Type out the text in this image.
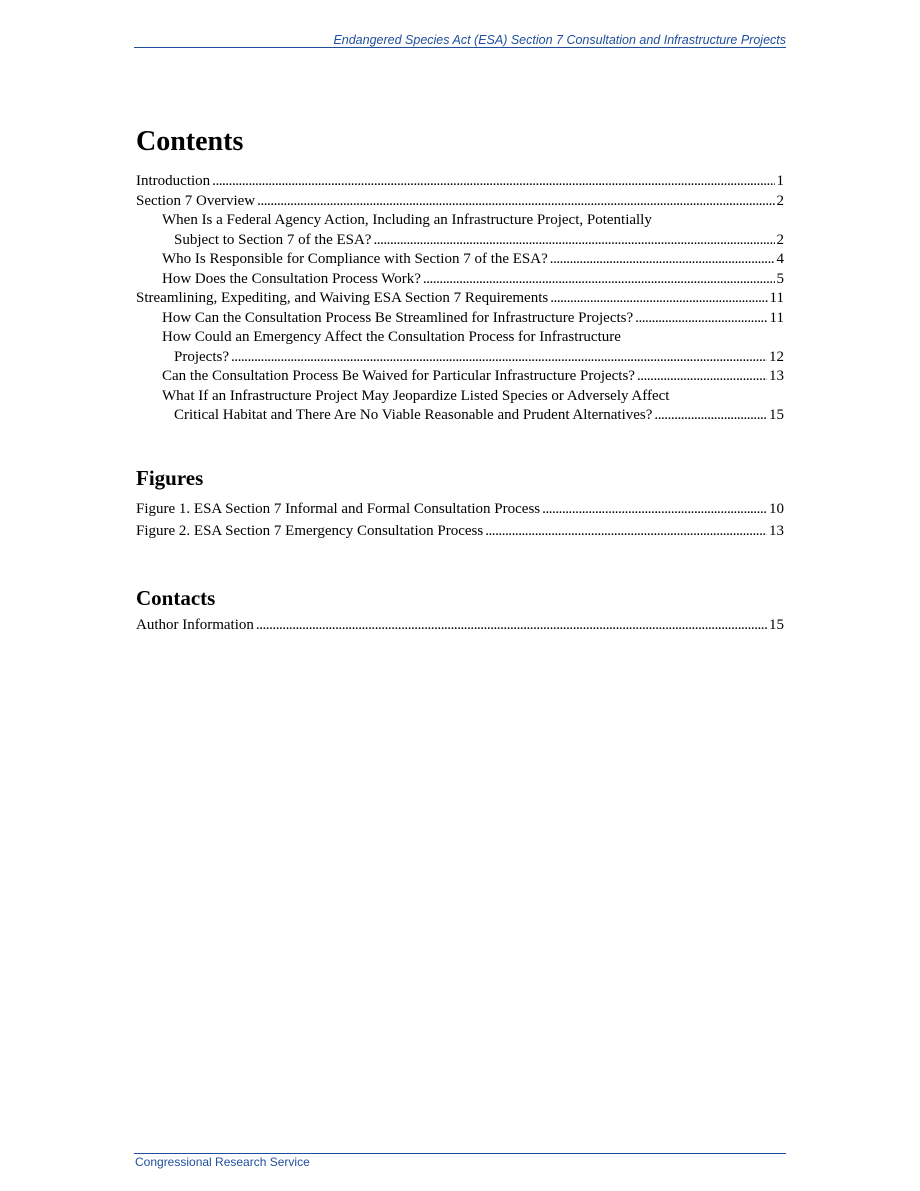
Endangered Species Act (ESA) Section 7 Consultation and Infrastructure Projects
Contents
Introduction . . .	1
Section 7 Overview . . .	2
When Is a Federal Agency Action, Including an Infrastructure Project, Potentially
Subject to Section 7 of the ESA? . . .	2
Who Is Responsible for Compliance with Section 7 of the ESA? . . .	4
How Does the Consultation Process Work? . . .	5
Streamlining, Expediting, and Waiving ESA Section 7 Requirements . . .	11
How Can the Consultation Process Be Streamlined for Infrastructure Projects? . . .	11
How Could an Emergency Affect the Consultation Process for Infrastructure
Projects? . . .	12
Can the Consultation Process Be Waived for Particular Infrastructure Projects? . . .	13
What If an Infrastructure Project May Jeopardize Listed Species or Adversely Affect
Critical Habitat and There Are No Viable Reasonable and Prudent Alternatives? . . .	15
Figures
Figure 1. ESA Section 7 Informal and Formal Consultation Process . . .	10
Figure 2. ESA Section 7 Emergency Consultation Process . . .	13
Contacts
Author Information . . .	15
Congressional Research Service
